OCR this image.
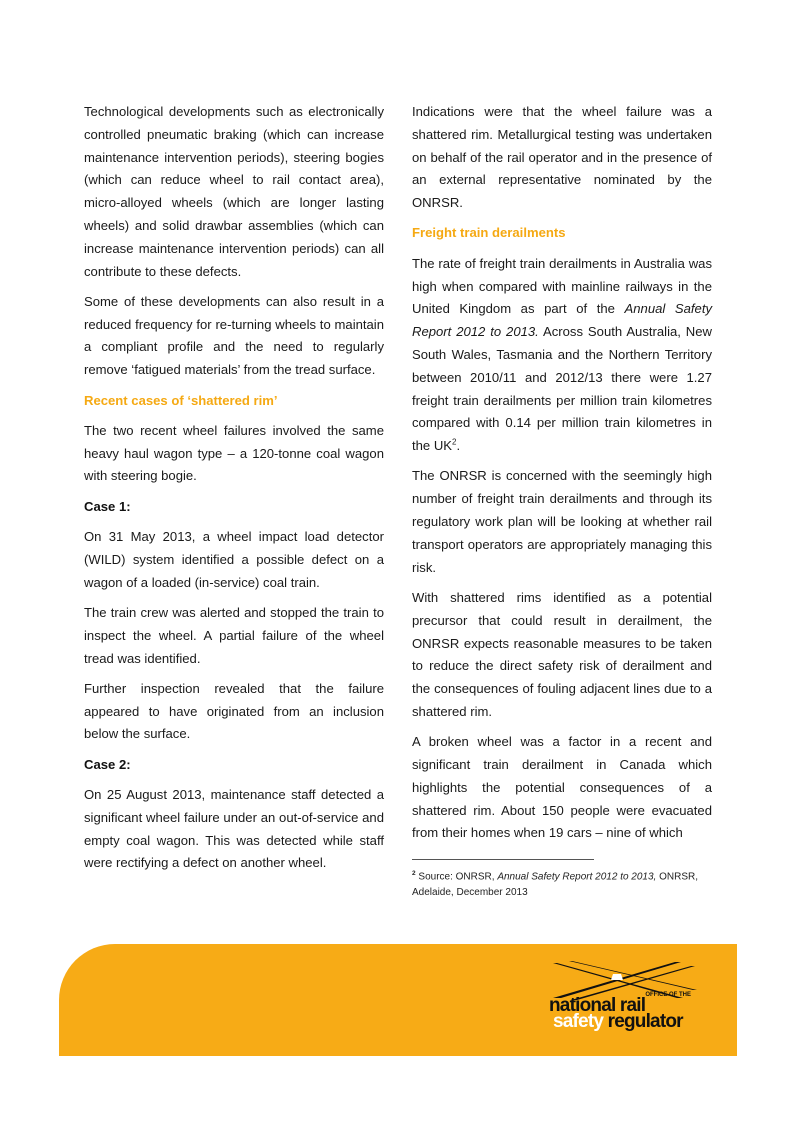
Technological developments such as electronically controlled pneumatic braking (which can increase maintenance intervention periods), steering bogies (which can reduce wheel to rail contact area), micro-alloyed wheels (which are longer lasting wheels) and solid drawbar assemblies (which can increase maintenance intervention periods) can all contribute to these defects.

Some of these developments can also result in a reduced frequency for re-turning wheels to maintain a compliant profile and the need to regularly remove ‘fatigued materials’ from the tread surface.

Recent cases of ‘shattered rim’

The two recent wheel failures involved the same heavy haul wagon type – a 120-tonne coal wagon with steering bogie.

Case 1:

On 31 May 2013, a wheel impact load detector (WILD) system identified a possible defect on a wagon of a loaded (in-service) coal train.

The train crew was alerted and stopped the train to inspect the wheel. A partial failure of the wheel tread was identified.

Further inspection revealed that the failure appeared to have originated from an inclusion below the surface.

Case 2:

On 25 August 2013, maintenance staff detected a significant wheel failure under an out-of-service and empty coal wagon. This was detected while staff were rectifying a defect on another wheel.

Indications were that the wheel failure was a shattered rim. Metallurgical testing was undertaken on behalf of the rail operator and in the presence of an external representative nominated by the ONRSR.

Freight train derailments

The rate of freight train derailments in Australia was high when compared with mainline railways in the United Kingdom as part of the Annual Safety Report 2012 to 2013. Across South Australia, New South Wales, Tasmania and the Northern Territory between 2010/11 and 2012/13 there were 1.27 freight train derailments per million train kilometres compared with 0.14 per million train kilometres in the $UK^2$.

The ONRSR is concerned with the seemingly high number of freight train derailments and through its regulatory work plan will be looking at whether rail transport operators are appropriately managing this risk.

With shattered rims identified as a potential precursor that could result in derailment, the ONRSR expects reasonable measures to be taken to reduce the direct safety risk of derailment and the consequences of fouling adjacent lines due to a shattered rim.

A broken wheel was a factor in a recent and significant train derailment in Canada which highlights the potential consequences of a shattered rim. About 150 people were evacuated from their homes when 19 cars – nine of which

$^2$ Source: ONRSR, Annual Safety Report 2012 to 2013, ONRSR, Adelaide, December 2013
OFFICE OF THE
national rail
safety regulator
